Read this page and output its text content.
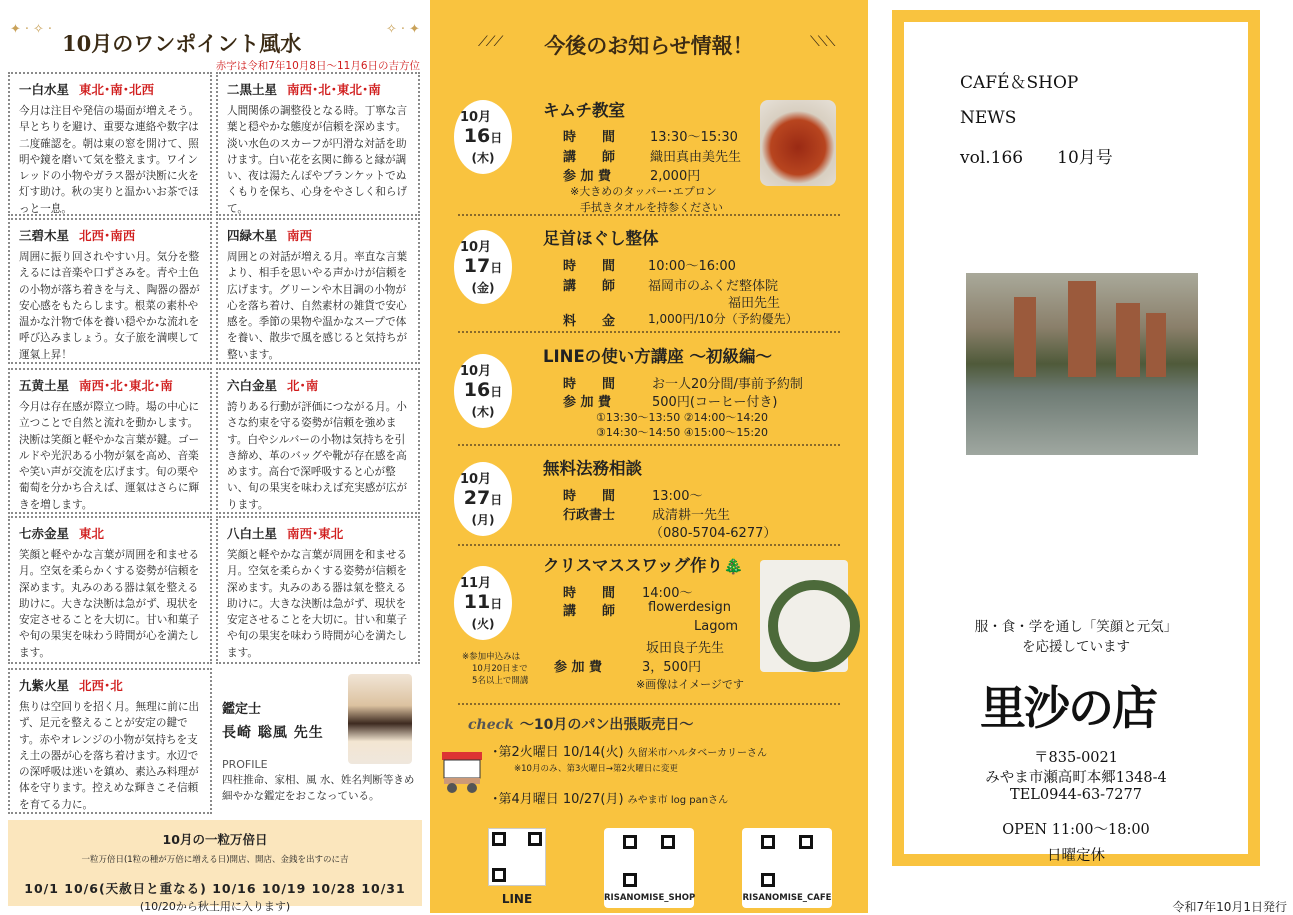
✦·✧·	✧·✦
10月のワンポイント風水
赤字は令和7年10月8日～11月6日の吉方位
一白水星 東北･南･北西
今月は注目や発信の場面が増えそう。早とちりを避け、重要な連絡や数字は二度確認を。朝は東の窓を開けて、照明や鏡を磨いて気を整えます。ワインレッドの小物やガラス器が決断に火を灯す助け。秋の実りと温かいお茶でほっと一息。
二黒土星 南西･北･東北･南
人間関係の調整役となる時。丁寧な言葉と穏やかな態度が信頼を深めます。淡い水色のスカーフが円滑な対話を助けます。白い花を玄関に飾ると縁が調い、夜は湯たんぽやブランケットでぬくもりを保ち、心身をやさしく和らげて。
三碧木星 北西･南西
周囲に振り回されやすい月。気分を整えるには音楽や口ずさみを。青や土色の小物が落ち着きを与え、陶器の器が安心感をもたらします。根菜の素朴や温かな汁物で体を養い穏やかな流れを呼び込みましょう。女子旅を満喫して運氣上昇！
四緑木星 南西
周囲との対話が増える月。率直な言葉より、相手を思いやる声かけが信頼を広げます。グリーンや木目調の小物が心を落ち着け、自然素材の雑貨で安心感を。季節の果物や温かなスープで体を養い、散歩で風を感じると気持ちが整います。
五黄土星 南西･北･東北･南
今月は存在感が際立つ時。場の中心に立つことで自然と流れを動かします。決断は笑顔と軽やかな言葉が鍵。ゴールドや光沢ある小物が氣を高め、音楽や笑い声が交流を広げます。旬の栗や葡萄を分かち合えば、運氣はさらに輝きを増します。
六白金星 北･南
誇りある行動が評価につながる月。小さな約束を守る姿勢が信頼を強めます。白やシルバーの小物は気持ちを引き締め、革のバッグや靴が存在感を高めます。高台で深呼吸すると心が整い、旬の果実を味わえば充実感が広がります。
七赤金星 東北
笑顔と軽やかな言葉が周囲を和ませる月。空気を柔らかくする姿勢が信頼を深めます。丸みのある器は氣を整える助けに。大きな決断は急がず、現状を安定させることを大切に。甘い和菓子や旬の果実を味わう時間が心を満たします。
八白土星 南西･東北
笑顔と軽やかな言葉が周囲を和ませる月。空気を柔らかくする姿勢が信頼を深めます。丸みのある器は氣を整える助けに。大きな決断は急がず、現状を安定させることを大切に。甘い和菓子や旬の果実を味わう時間が心を満たします。
九紫火星 北西･北
焦りは空回りを招く月。無理に前に出ず、足元を整えることが安定の鍵です。赤やオレンジの小物が気持ちを支え土の器が心を落ち着けます。水辺での深呼吸は迷いを鎮め、素込み料理が体を守ります。控えめな輝きこそ信頼を育てる力に。
鑑定士
長崎 聡風 先生
PROFILE
四柱推命、家相、風 水、姓名判断等きめ細やかな鑑定をおこなっている。
10月の一粒万倍日
一粒万倍日(1粒の種が万倍に増える日)開店、開店、金銭を出すのに吉
10/1 10/6(天赦日と重なる) 10/16 10/19 10/28 10/31
(10/20から秋土用に入ります)
⟋⟋⟋	⟍⟍⟍
今後のお知らせ情報！
10月
16日
(木)
キムチ教室
時　　間	13:30～15:30
講　　師	織田真由美先生
参 加 費	2,000円
※大きめのタッパー･エプロン
手拭きタオルを持参ください
10月
17日
(金)
足首ほぐし整体
時　　間	10:00～16:00
講　　師	福岡市のふくだ整体院
福田先生
料　　金	1,000円/10分（予約優先）
10月
16日
(木)
LINEの使い方講座 ～初級編～
時　　間	お一人20分間/事前予約制
参 加 費	500円(コーヒー付き)
①13:30～13:50 ②14:00～14:20
③14:30～14:50 ④15:00～15:20
10月
27日
(月)
無料法務相談
時　　間	13:00～
行政書士	成清耕一先生
（080-5704-6277）
11月
11日
(火)
クリスマススワッグ作り🎄
時　　間 14:00～
講　　師	flowerdesign
Lagom
坂田良子先生
※参加申込みは
10月20日まで
5名以上で開講
参 加 費	3，500円
※画像はイメージです
check ～10月のパン出張販売日～
･第2火曜日 10/14(火) 久留米市ハルタベーカリーさん
※10月のみ、第3火曜日→第2火曜日に変更
･第4月曜日 10/27(月) みやま市 log panさん
LINE	RISANOMISE_SHOP	RISANOMISE_CAFE
CAFÉ＆SHOP
NEWS
vol.166　　10月号
服・食・学を通し「笑顔と元気」
を応援しています
里沙の店
〒835-0021
みやま市瀬高町本郷1348-4
TEL0944-63-7277
OPEN 11:00～18:00
日曜定休
令和7年10月1日発行
